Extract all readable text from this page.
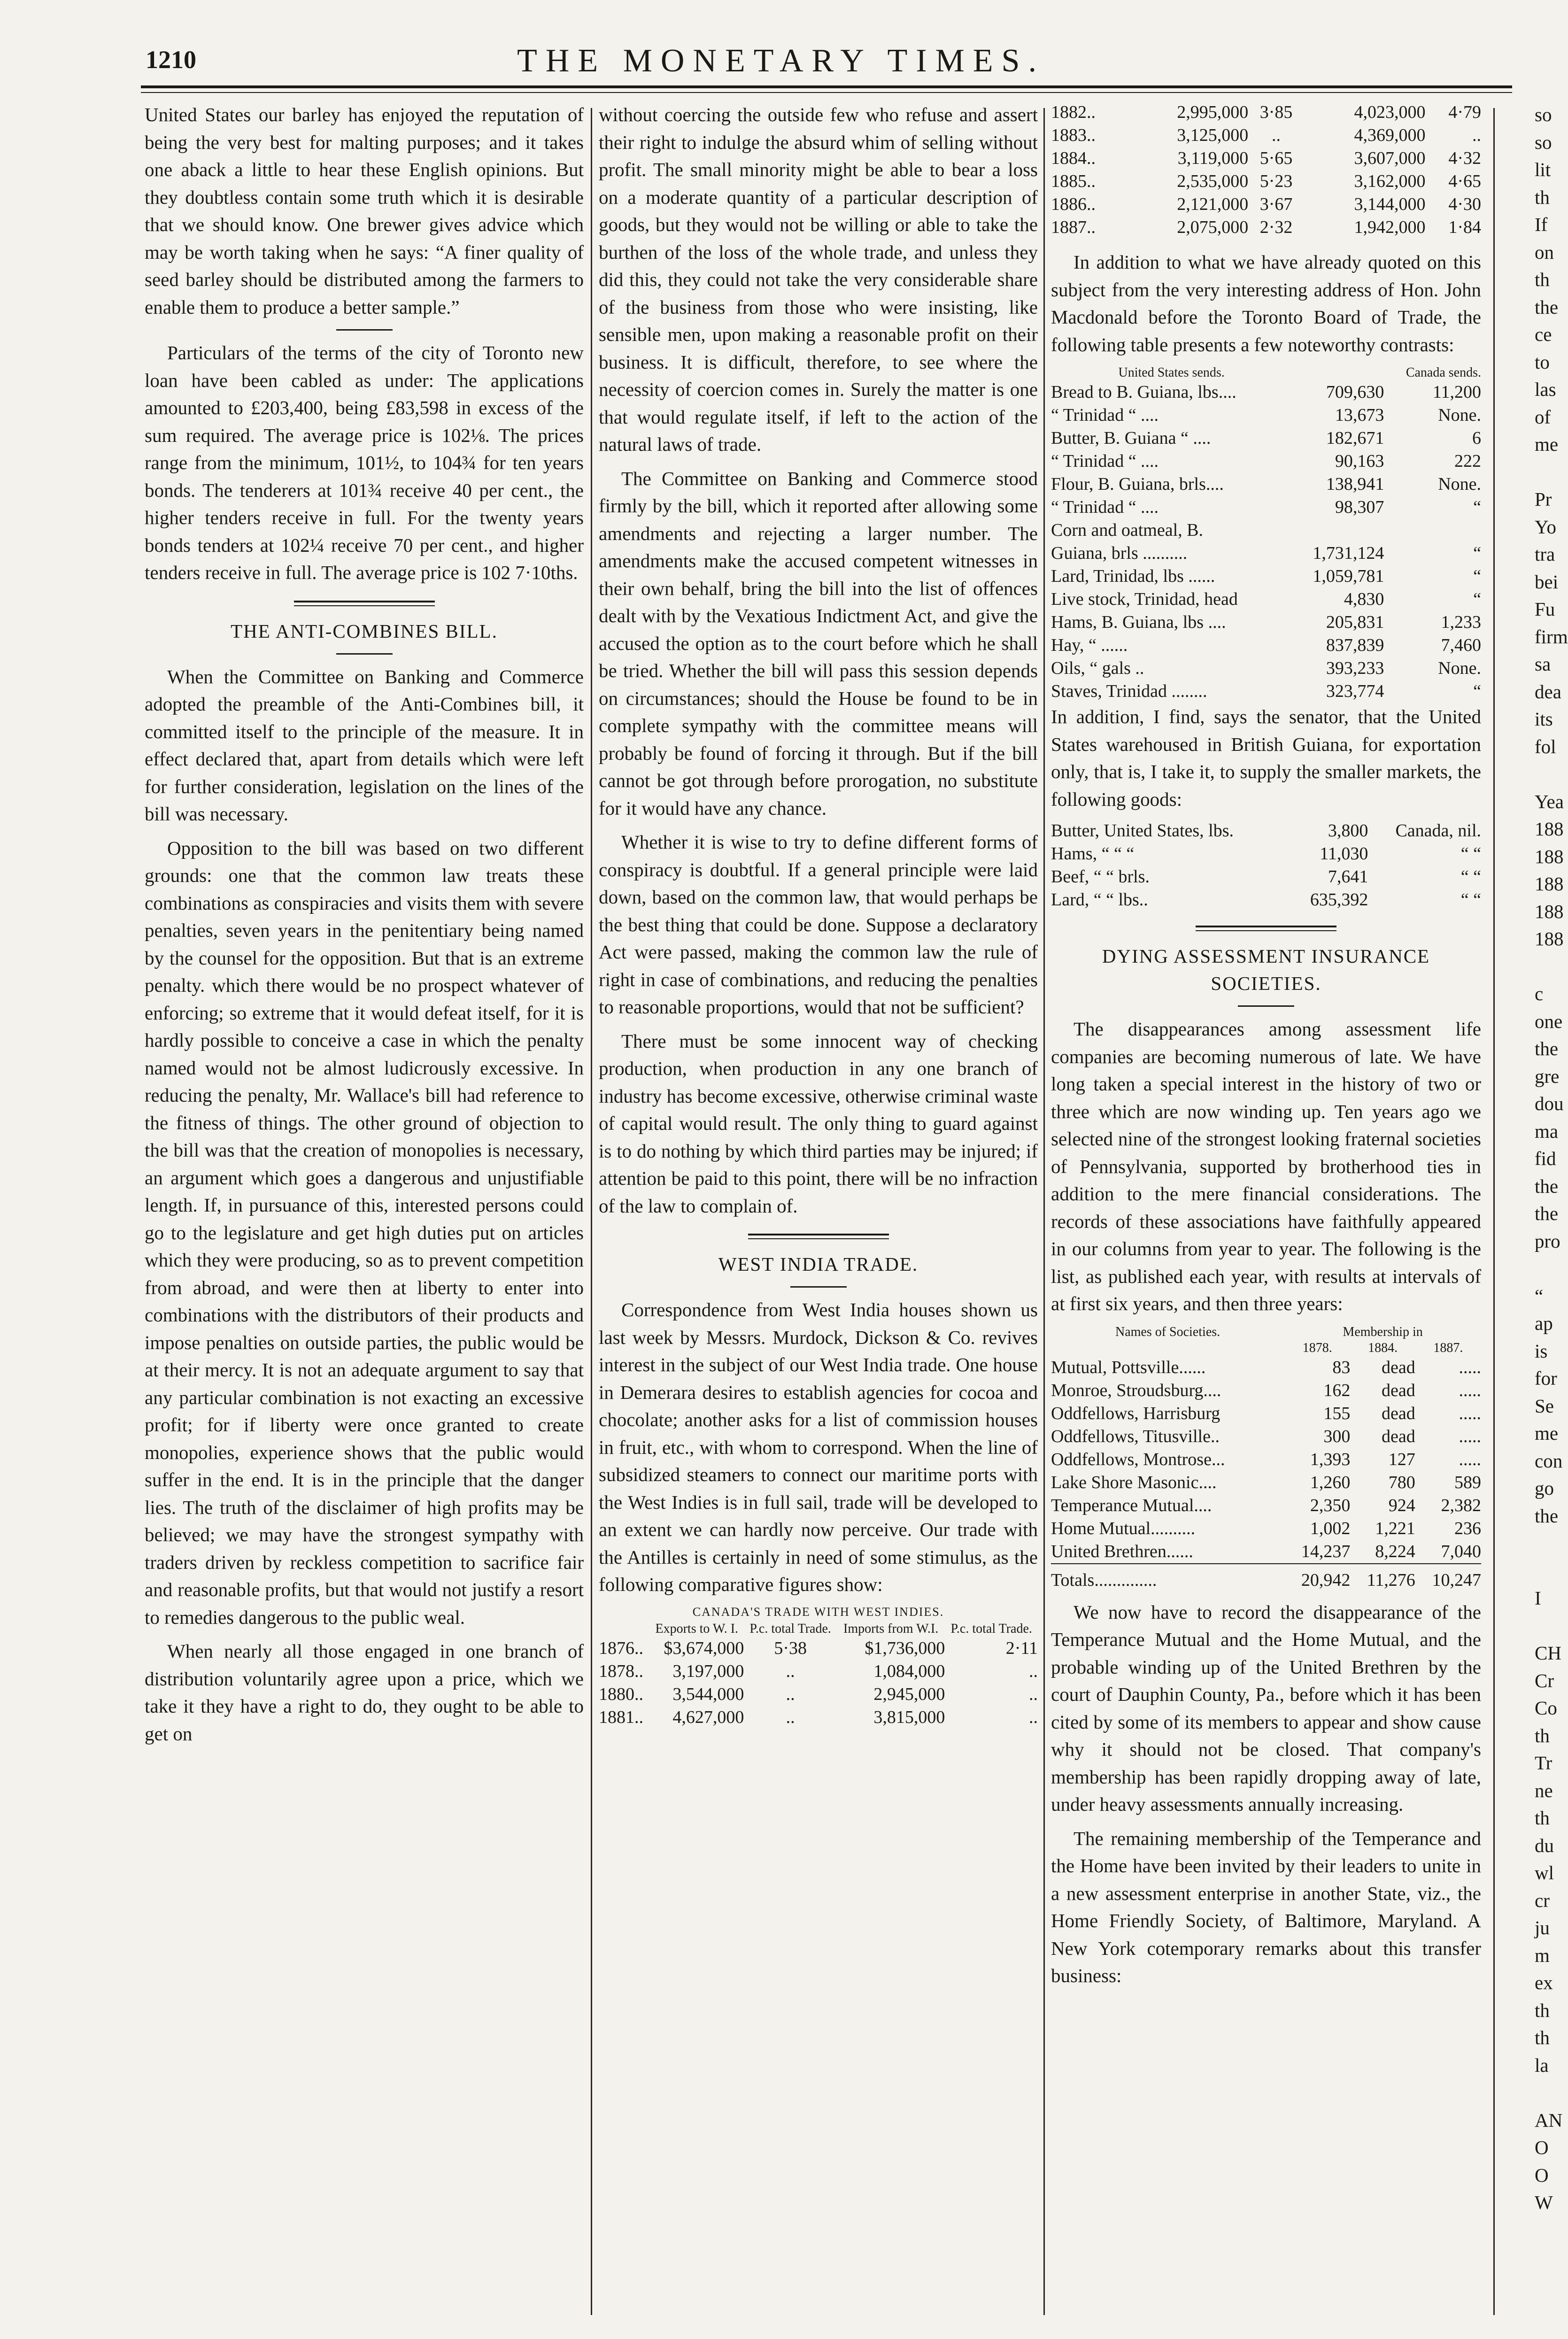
1210	THE MONETARY TIMES.

United States our barley has enjoyed the reputation of being the very best for malting purposes; and it takes one aback a little to hear these English opinions. But they doubtless contain some truth which it is desirable that we should know. One brewer gives advice which may be worth taking when he says: “A finer quality of seed barley should be distributed among the farmers to enable them to produce a better sample.”

Particulars of the terms of the city of Toronto new loan have been cabled as under: The applications amounted to £203,400, being £83,598 in excess of the sum required. The average price is 102⅛. The prices range from the minimum, 101½, to 104¾ for ten years bonds. The tenderers at 101¾ receive 40 per cent., the higher tenders receive in full. For the twenty years bonds tenders at 102¼ receive 70 per cent., and higher tenders receive in full. The average price is 102 7·10ths.

THE ANTI-COMBINES BILL.

When the Committee on Banking and Commerce adopted the preamble of the Anti-Combines bill, it committed itself to the principle of the measure. It in effect declared that, apart from details which were left for further consideration, legislation on the lines of the bill was necessary.

Opposition to the bill was based on two different grounds: one that the common law treats these combinations as conspiracies and visits them with severe penalties, seven years in the penitentiary being named by the counsel for the opposition. But that is an extreme penalty. which there would be no prospect whatever of enforcing; so extreme that it would defeat itself, for it is hardly possible to conceive a case in which the penalty named would not be almost ludicrously excessive. In reducing the penalty, Mr. Wallace's bill had reference to the fitness of things. The other ground of objection to the bill was that the creation of monopolies is necessary, an argument which goes a dangerous and unjustifiable length. If, in pursuance of this, interested persons could go to the legislature and get high duties put on articles which they were producing, so as to prevent competition from abroad, and were then at liberty to enter into combinations with the distributors of their products and impose penalties on outside parties, the public would be at their mercy. It is not an adequate argument to say that any particular combination is not exacting an excessive profit; for if liberty were once granted to create monopolies, experience shows that the public would suffer in the end. It is in the principle that the danger lies. The truth of the disclaimer of high profits may be believed; we may have the strongest sympathy with traders driven by reckless competition to sacrifice fair and reasonable profits, but that would not justify a resort to remedies dangerous to the public weal.

When nearly all those engaged in one branch of distribution voluntarily agree upon a price, which we take it they have a right to do, they ought to be able to get on

without coercing the outside few who refuse and assert their right to indulge the absurd whim of selling without profit. The small minority might be able to bear a loss on a moderate quantity of a particular description of goods, but they would not be willing or able to take the burthen of the loss of the whole trade, and unless they did this, they could not take the very considerable share of the business from those who were insisting, like sensible men, upon making a reasonable profit on their business. It is difficult, therefore, to see where the necessity of coercion comes in. Surely the matter is one that would regulate itself, if left to the action of the natural laws of trade.

The Committee on Banking and Commerce stood firmly by the bill, which it reported after allowing some amendments and rejecting a larger number. The amendments make the accused competent witnesses in their own behalf, bring the bill into the list of offences dealt with by the Vexatious Indictment Act, and give the accused the option as to the court before which he shall be tried. Whether the bill will pass this session depends on circumstances; should the House be found to be in complete sympathy with the committee means will probably be found of forcing it through. But if the bill cannot be got through before prorogation, no substitute for it would have any chance.

Whether it is wise to try to define different forms of conspiracy is doubtful. If a general principle were laid down, based on the common law, that would perhaps be the best thing that could be done. Suppose a declaratory Act were passed, making the common law the rule of right in case of combinations, and reducing the penalties to reasonable proportions, would that not be sufficient?

There must be some innocent way of checking production, when production in any one branch of industry has become excessive, otherwise criminal waste of capital would result. The only thing to guard against is to do nothing by which third parties may be injured; if attention be paid to this point, there will be no infraction of the law to complain of.

WEST INDIA TRADE.

Correspondence from West India houses shown us last week by Messrs. Murdock, Dickson & Co. revives interest in the subject of our West India trade. One house in Demerara desires to establish agencies for cocoa and chocolate; another asks for a list of commission houses in fruit, etc., with whom to correspond. When the line of subsidized steamers to connect our maritime ports with the West Indies is in full sail, trade will be developed to an extent we can hardly now perceive. Our trade with the Antilles is certainly in need of some stimulus, as the following comparative figures show:

CANADA'S TRADE WITH WEST INDIES.
	Exports to W. I.	P.c. total Trade.	Imports from W.I.	P.c. total Trade.
1876..	$3,674,000	5·38	$1,736,000	2·11
1878..	3,197,000	..	1,084,000	..
1880..	3,544,000	..	2,945,000	..
1881..	4,627,000	..	3,815,000	..
1882..	2,995,000	3·85	4,023,000	4·79
1883..	3,125,000	..	4,369,000	..
1884..	3,119,000	5·65	3,607,000	4·32
1885..	2,535,000	5·23	3,162,000	4·65
1886..	2,121,000	3·67	3,144,000	4·30
1887..	2,075,000	2·32	1,942,000	1·84

In addition to what we have already quoted on this subject from the very interesting address of Hon. John Macdonald before the Toronto Board of Trade, the following table presents a few noteworthy contrasts:

United States sends.		Canada sends.
Bread to B. Guiana, lbs....	709,630	11,200
“ Trinidad “ ....	13,673	None.
Butter, B. Guiana “ ....	182,671	6
“ Trinidad “ ....	90,163	222
Flour, B. Guiana, brls....	138,941	None.
“ Trinidad “ ....	98,307	“
Corn and oatmeal, B.		
Guiana, brls ..........	1,731,124	“
Lard, Trinidad, lbs ......	1,059,781	“
Live stock, Trinidad, head	4,830	“
Hams, B. Guiana, lbs ....	205,831	1,233
Hay, “ ......	837,839	7,460
Oils, “ gals ..	393,233	None.
Staves, Trinidad ........	323,774	“

In addition, I find, says the senator, that the United States warehoused in British Guiana, for exportation only, that is, I take it, to supply the smaller markets, the following goods:

Butter, United States, lbs.	3,800	Canada, nil.
Hams, “ “ “	11,030	“ “
Beef, “ “ brls.	7,641	“ “
Lard, “ “ lbs..	635,392	“ “
DYING ASSESSMENT INSURANCE SOCIETIES.

The disappearances among assessment life companies are becoming numerous of late. We have long taken a special interest in the history of two or three which are now winding up. Ten years ago we selected nine of the strongest looking fraternal societies of Pennsylvania, supported by brotherhood ties in addition to the mere financial considerations. The records of these associations have faithfully appeared in our columns from year to year. The following is the list, as published each year, with results at intervals of at first six years, and then three years:

Names of Societies.	Membership in		
	1878.	1884.	1887.
Mutual, Pottsville......	83	dead	.....
Monroe, Stroudsburg....	162	dead	.....
Oddfellows, Harrisburg	155	dead	.....
Oddfellows, Titusville..	300	dead	.....
Oddfellows, Montrose...	1,393	127	.....
Lake Shore Masonic....	1,260	780	589
Temperance Mutual....	2,350	924	2,382
Home Mutual..........	1,002	1,221	236
United Brethren......	14,237	8,224	7,040
Totals..............	20,942	11,276	10,247

We now have to record the disappearance of the Temperance Mutual and the Home Mutual, and the probable winding up of the United Brethren by the court of Dauphin County, Pa., before which it has been cited by some of its members to appear and show cause why it should not be closed. That company's membership has been rapidly dropping away of late, under heavy assessments annually increasing.

The remaining membership of the Temperance and the Home have been invited by their leaders to unite in a new assessment enterprise in another State, viz., the Home Friendly Society, of Baltimore, Maryland. A New York cotemporary remarks about this transfer business:

so
so
lit
th
If
on
th
the
ce
to
las
of
me
Pr
Yo
tra
bei
Fu
firm
sa
dea
its
fol
Yea
188
188
188
188
188
c
one
the
gre
dou
ma
fid
the
the
pro
“
ap
is
for
Se
me
con
go
the
I
CH
Cr
Co
th
Tr
ne
th
du
wl
cr
ju
m
ex
th
th
la
AN
O
O
W
